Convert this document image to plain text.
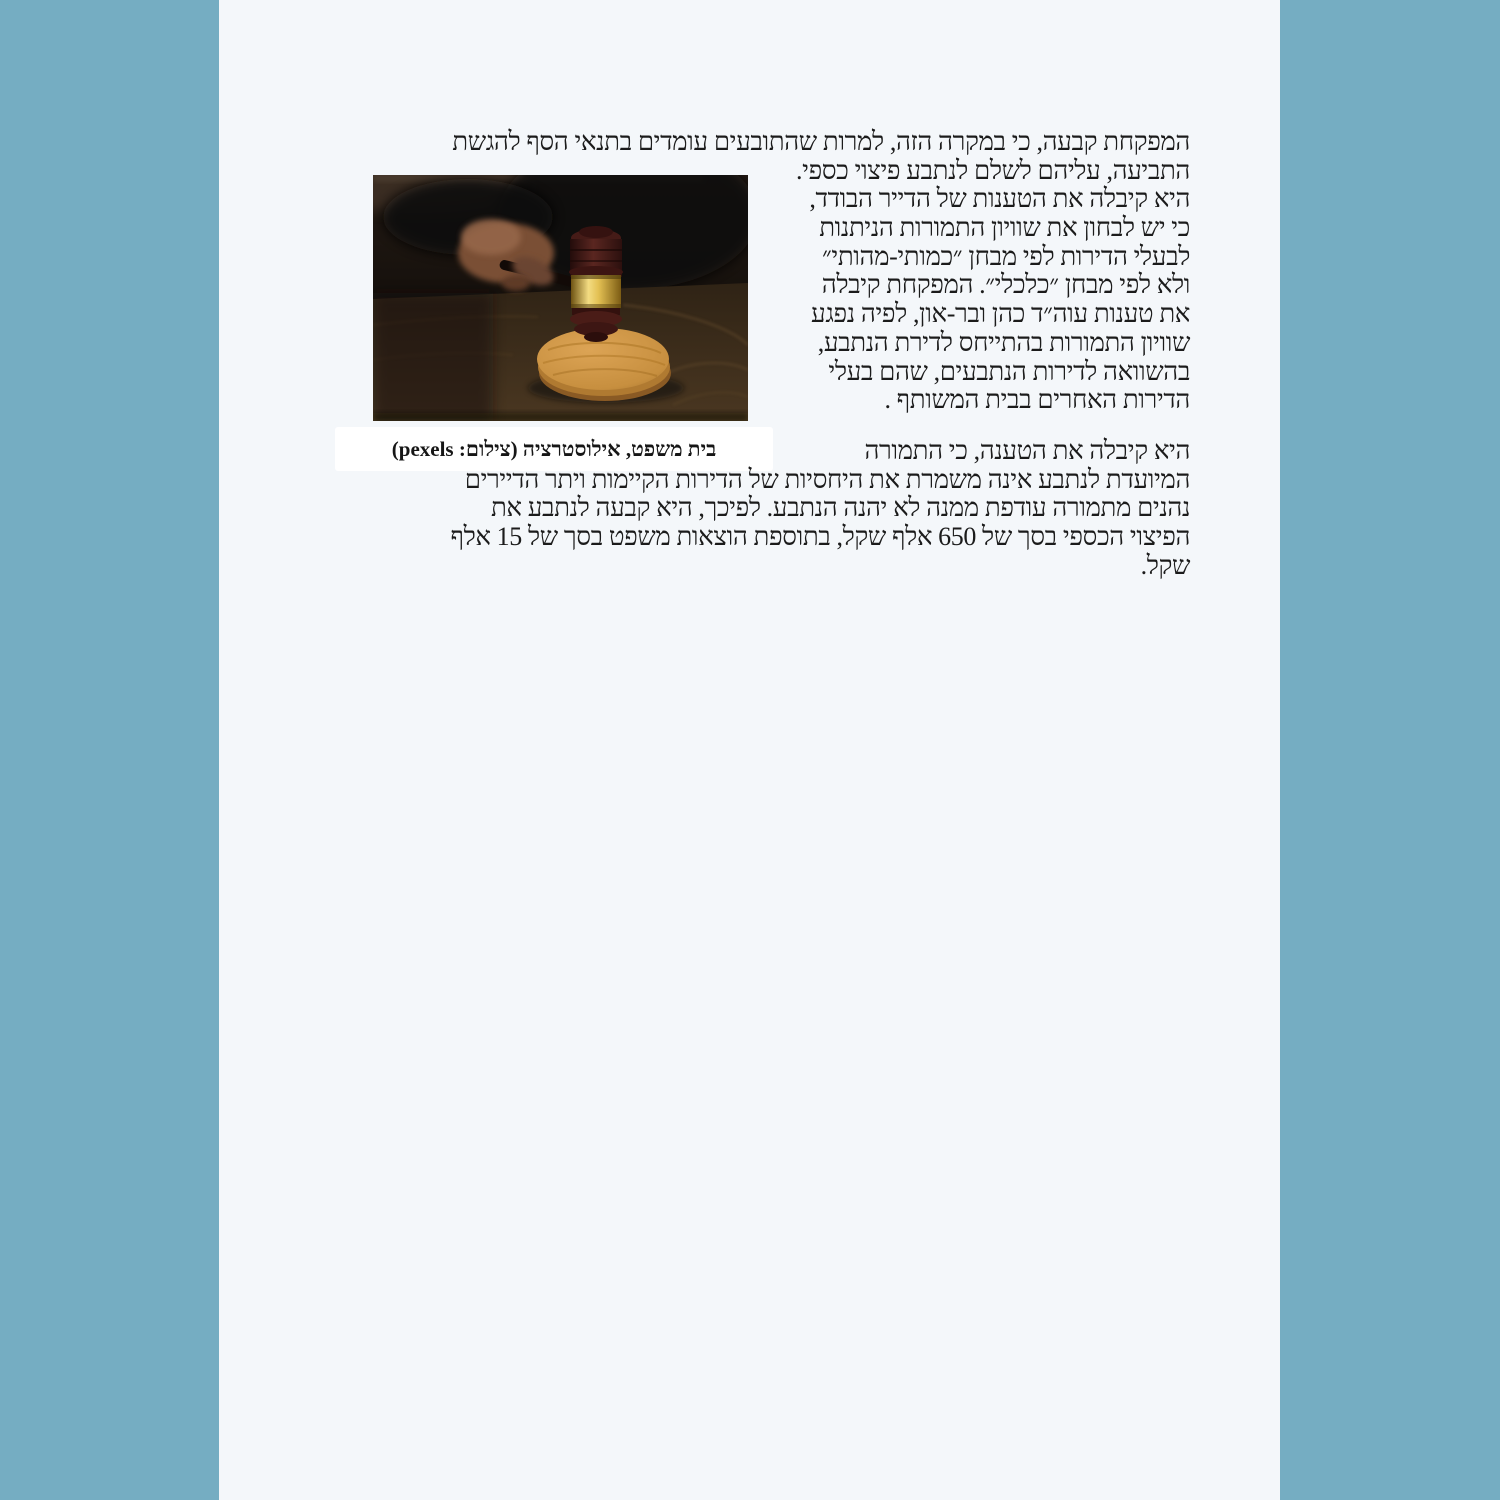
בית משפט, אילוסטרציה (צילום: pexels)
המפקחת קבעה, כי במקרה הזה, למרות שהתובעים עומדים בתנאי הסף להגשת
התביעה, עליהם לשלם לנתבע פיצוי כספי.
היא קיבלה את הטענות של הדייר הבודד,
כי יש לבחון את שוויון התמורות הניתנות
לבעלי הדירות לפי מבחן ״כמותי-מהותי״
ולא לפי מבחן ״כלכלי״. המפקחת קיבלה
את טענות עוה״ד כהן ובר-און, לפיה נפגע
שוויון התמורות בהתייחס לדירת הנתבע,
בהשוואה לדירות הנתבעים, שהם בעלי
הדירות האחרים בבית המשותף .
היא קיבלה את הטענה, כי התמורה
המיועדת לנתבע אינה משמרת את היחסיות של הדירות הקיימות ויתר הדיירים
נהנים מתמורה עודפת ממנה לא יהנה הנתבע. לפיכך, היא קבעה לנתבע את
הפיצוי הכספי בסך של 650 אלף שקל, בתוספת הוצאות משפט בסך של 15 אלף
שקל.
